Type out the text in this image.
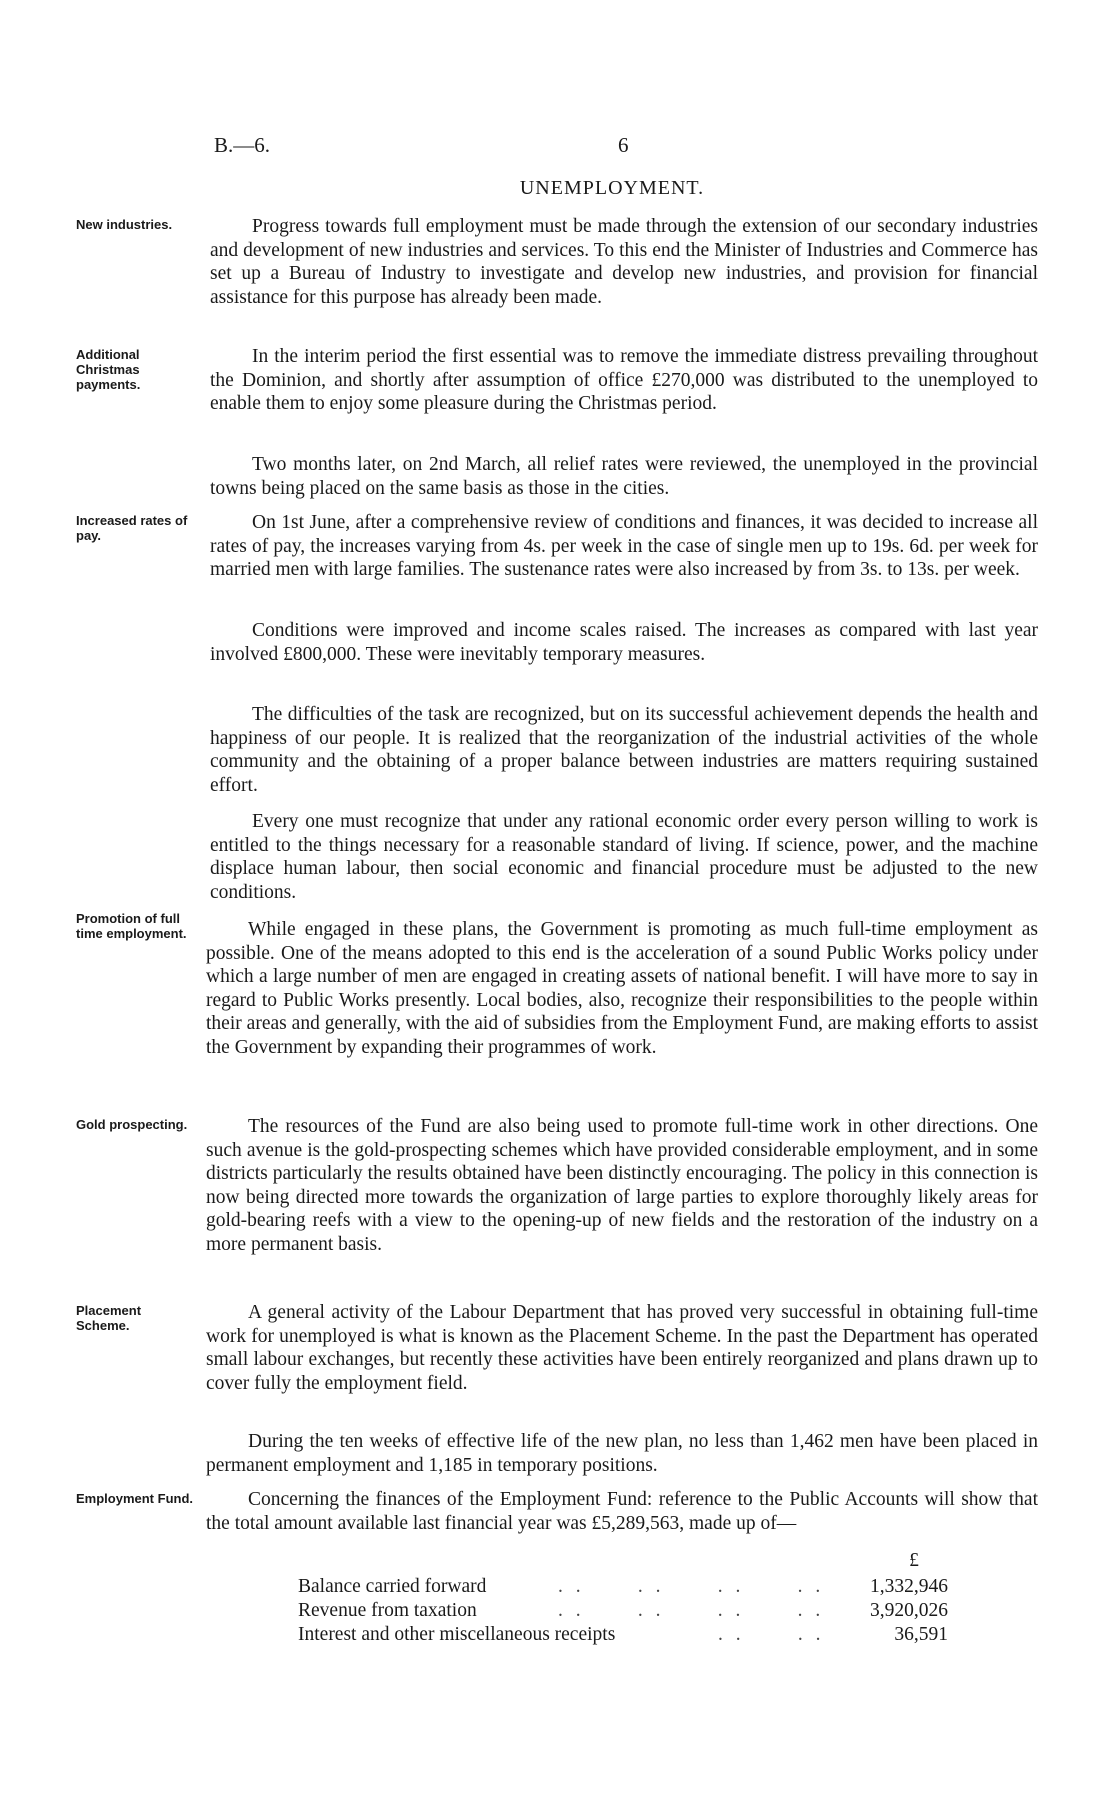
B.—6.	6
UNEMPLOYMENT.
New industries.
Additional Christmas payments.
Increased rates of pay.
Promotion of full time employment.
Gold prospecting.
Placement Scheme.
Employment Fund.

Progress towards full employment must be made through the extension of our secondary industries and development of new industries and services. To this end the Minister of Industries and Commerce has set up a Bureau of Industry to investigate and develop new industries, and provision for financial assistance for this purpose has already been made.

In the interim period the first essential was to remove the immediate distress prevailing throughout the Dominion, and shortly after assumption of office £270,000 was distributed to the unemployed to enable them to enjoy some pleasure during the Christmas period.

Two months later, on 2nd March, all relief rates were reviewed, the unemployed in the provincial towns being placed on the same basis as those in the cities.

On 1st June, after a comprehensive review of conditions and finances, it was decided to increase all rates of pay, the increases varying from 4s. per week in the case of single men up to 19s. 6d. per week for married men with large families. The sustenance rates were also increased by from 3s. to 13s. per week.

Conditions were improved and income scales raised. The increases as compared with last year involved £800,000. These were inevitably temporary measures.

The difficulties of the task are recognized, but on its successful achievement depends the health and happiness of our people. It is realized that the reorganization of the industrial activities of the whole community and the obtaining of a proper balance between industries are matters requiring sustained effort.

Every one must recognize that under any rational economic order every person willing to work is entitled to the things necessary for a reasonable standard of living. If science, power, and the machine displace human labour, then social economic and financial procedure must be adjusted to the new conditions.

While engaged in these plans, the Government is promoting as much full-time employment as possible. One of the means adopted to this end is the acceleration of a sound Public Works policy under which a large number of men are engaged in creating assets of national benefit. I will have more to say in regard to Public Works presently. Local bodies, also, recognize their responsibilities to the people within their areas and generally, with the aid of subsidies from the Employment Fund, are making efforts to assist the Government by expanding their programmes of work.

The resources of the Fund are also being used to promote full-time work in other directions. One such avenue is the gold-prospecting schemes which have provided considerable employment, and in some districts particularly the results obtained have been distinctly encouraging. The policy in this connection is now being directed more towards the organization of large parties to explore thoroughly likely areas for gold-bearing reefs with a view to the opening-up of new fields and the restoration of the industry on a more permanent basis.

A general activity of the Labour Department that has proved very successful in obtaining full-time work for unemployed is what is known as the Placement Scheme. In the past the Department has operated small labour exchanges, but recently these activities have been entirely reorganized and plans drawn up to cover fully the employment field.

During the ten weeks of effective life of the new plan, no less than 1,462 men have been placed in permanent employment and 1,185 in temporary positions.

Concerning the finances of the Employment Fund: reference to the Public Accounts will show that the total amount available last financial year was £5,289,563, made up of—

£
Balance carried forward	. .      . .      . .      . .	1,332,946
Revenue from taxation	. .      . .      . .      . .	3,920,026
Interest and other miscellaneous receipts	. .      . .	36,591
